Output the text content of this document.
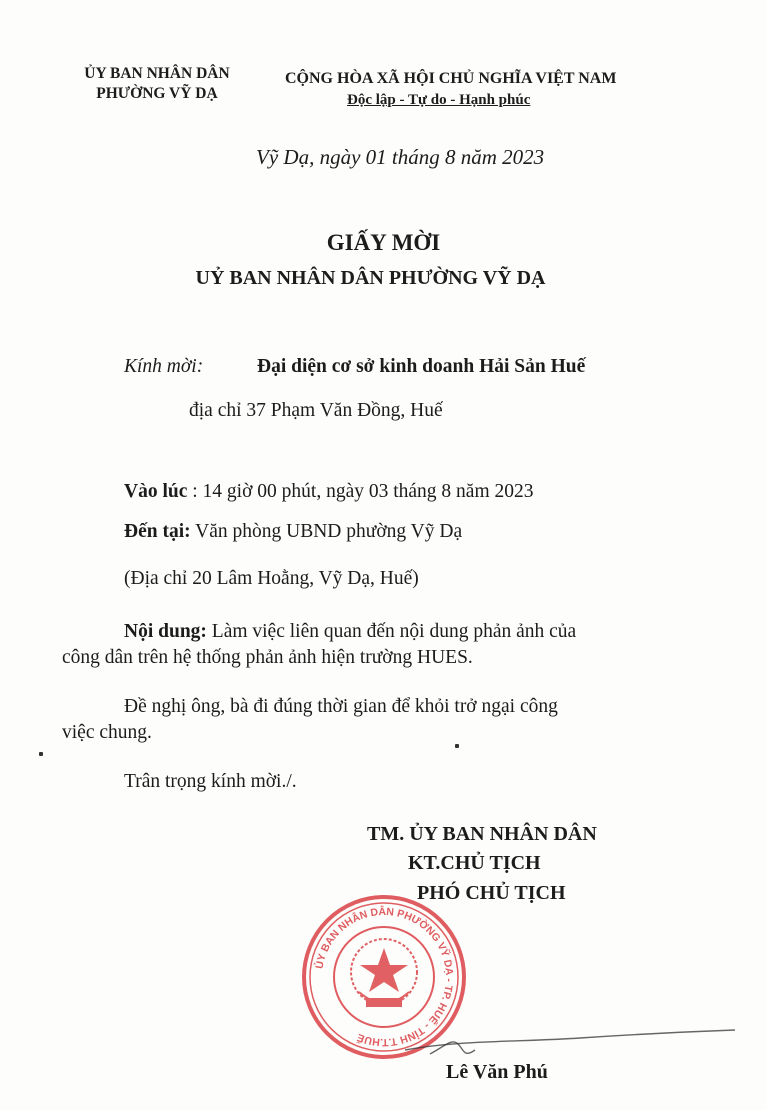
ỦY BAN NHÂN DÂN
PHƯỜNG VỸ DẠ
CỘNG HÒA XÃ HỘI CHỦ NGHĨA VIỆT NAM
Độc lập - Tự do - Hạnh phúc
Vỹ Dạ, ngày 01 tháng 8 năm 2023
GIẤY MỜI
UỶ BAN NHÂN DÂN PHƯỜNG VỸ DẠ
Kính mời:	Đại diện cơ sở kinh doanh Hải Sản Huế
địa chỉ 37 Phạm Văn Đồng, Huế
Vào lúc : 14 giờ 00 phút, ngày 03 tháng 8 năm 2023
Đến tại: Văn phòng UBND phường Vỹ Dạ
(Địa chỉ 20 Lâm Hoằng, Vỹ Dạ, Huế)
Nội dung: Làm việc liên quan đến nội dung phản ảnh của
công dân trên hệ thống phản ảnh hiện trường HUES.
Đề nghị ông, bà đi đúng thời gian để khỏi trở ngại công
việc chung.
Trân trọng kính mời./.
ỦY BAN NHÂN DÂN PHƯỜNG VỸ DẠ - TP. HUẾ - TỈNH T.T.HUẾ
TM. ỦY BAN NHÂN DÂN
KT.CHỦ TỊCH
PHÓ CHỦ TỊCH
Lê Văn Phú
